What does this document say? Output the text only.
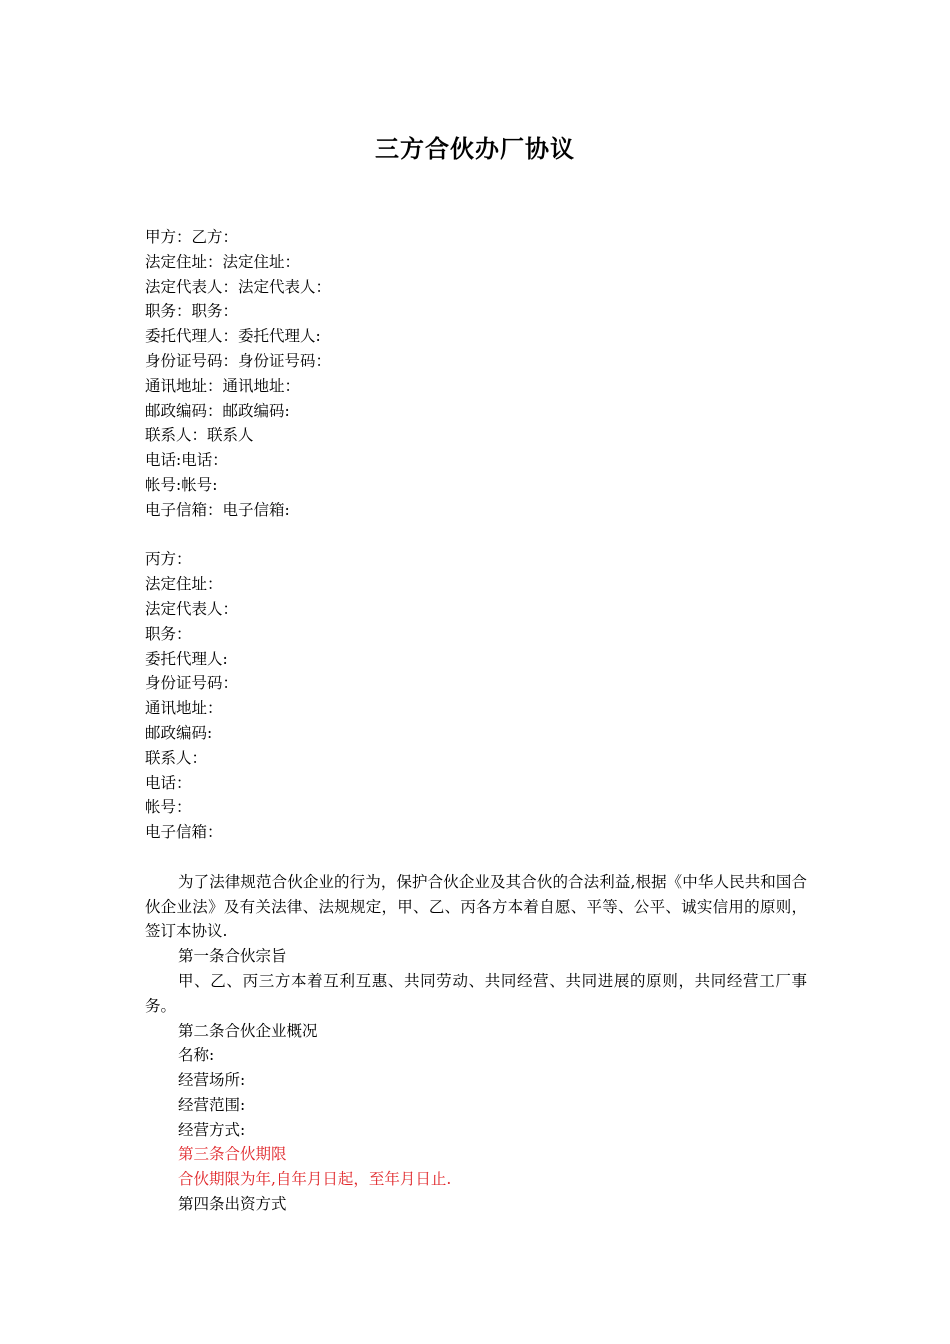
三方合伙办厂协议
甲方：乙方：
法定住址：法定住址：
法定代表人：法定代表人：
职务：职务：
委托代理人：委托代理人:
身份证号码：身份证号码：
通讯地址：通讯地址：
邮政编码：邮政编码:
联系人：联系人
电话:电话：
帐号:帐号:
电子信箱：电子信箱:
丙方：
法定住址：
法定代表人：
职务：
委托代理人:
身份证号码：
通讯地址：
邮政编码:
联系人：
电话：
帐号：
电子信箱：
为了法律规范合伙企业的行为，保护合伙企业及其合伙的合法利益,根据《中华人民共和国合伙企业法》及有关法律、法规规定，甲、乙、丙各方本着自愿、平等、公平、诚实信用的原则，签订本协议.
第一条合伙宗旨
甲、乙、丙三方本着互利互惠、共同劳动、共同经营、共同进展的原则，共同经营工厂事务。
第二条合伙企业概况
名称:
经营场所:
经营范围:
经营方式:
第三条合伙期限
合伙期限为年,自年月日起，至年月日止.
第四条出资方式
